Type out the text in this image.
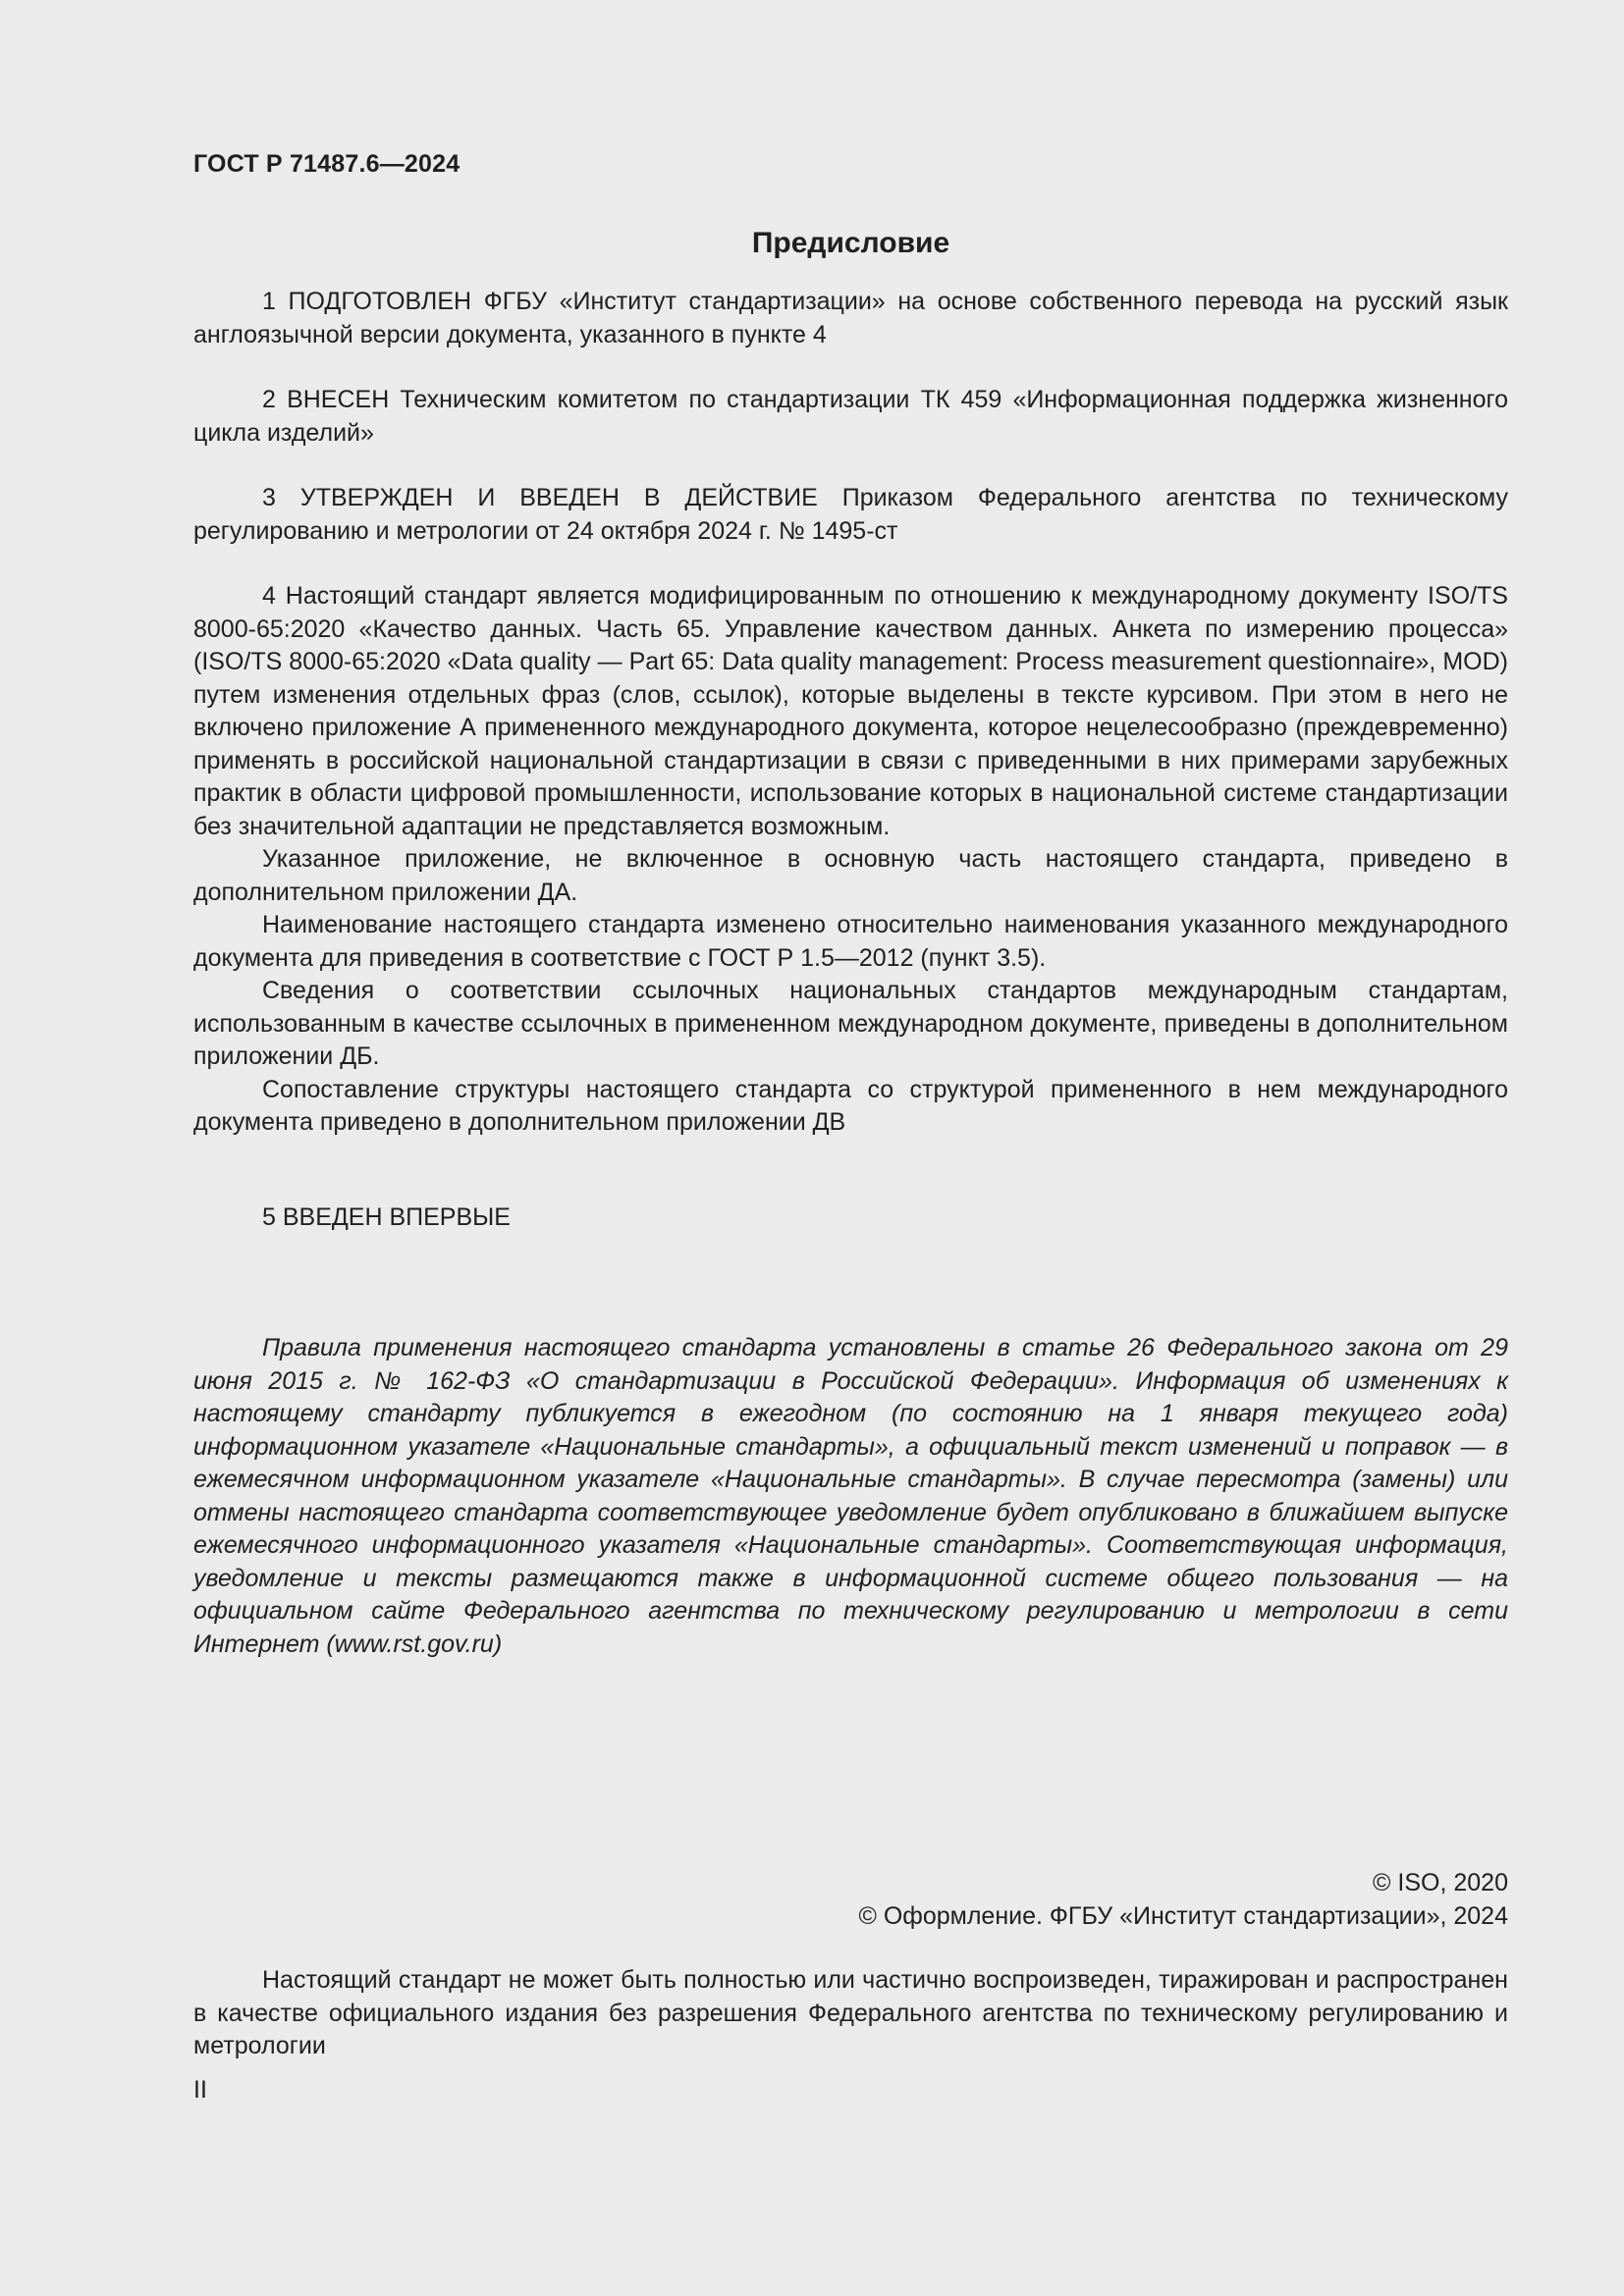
ГОСТ Р 71487.6—2024
Предисловие

1 ПОДГОТОВЛЕН ФГБУ «Институт стандартизации» на основе собственного перевода на русский язык англоязычной версии документа, указанного в пункте 4

2 ВНЕСЕН Техническим комитетом по стандартизации ТК 459 «Информационная поддержка жизненного цикла изделий»

3 УТВЕРЖДЕН И ВВЕДЕН В ДЕЙСТВИЕ Приказом Федерального агентства по техническому регулированию и метрологии от 24 октября 2024 г. № 1495-ст

4 Настоящий стандарт является модифицированным по отношению к международному документу ISO/TS 8000-65:2020 «Качество данных. Часть 65. Управление качеством данных. Анкета по измерению процесса» (ISO/TS 8000-65:2020 «Data quality — Part 65: Data quality management: Process measurement questionnaire», MOD) путем изменения отдельных фраз (слов, ссылок), которые выделены в тексте курсивом. При этом в него не включено приложение А примененного международного документа, которое нецелесообразно (преждевременно) применять в российской национальной стандартизации в связи с приведенными в них примерами зарубежных практик в области цифровой промышленности, использование которых в национальной системе стандартизации без значительной адаптации не представляется возможным.

Указанное приложение, не включенное в основную часть настоящего стандарта, приведено в дополнительном приложении ДА.

Наименование настоящего стандарта изменено относительно наименования указанного международного документа для приведения в соответствие с ГОСТ Р 1.5—2012 (пункт 3.5).

Сведения о соответствии ссылочных национальных стандартов международным стандартам, использованным в качестве ссылочных в примененном международном документе, приведены в дополнительном приложении ДБ.

Сопоставление структуры настоящего стандарта со структурой примененного в нем международного документа приведено в дополнительном приложении ДВ

5 ВВЕДЕН ВПЕРВЫЕ

Правила применения настоящего стандарта установлены в статье 26 Федерального закона от 29 июня 2015 г. № 162-ФЗ «О стандартизации в Российской Федерации». Информация об изменениях к настоящему стандарту публикуется в ежегодном (по состоянию на 1 января текущего года) информационном указателе «Национальные стандарты», а официальный текст изменений и поправок — в ежемесячном информационном указателе «Национальные стандарты». В случае пересмотра (замены) или отмены настоящего стандарта соответствующее уведомление будет опубликовано в ближайшем выпуске ежемесячного информационного указателя «Национальные стандарты». Соответствующая информация, уведомление и тексты размещаются также в информационной системе общего пользования — на официальном сайте Федерального агентства по техническому регулированию и метрологии в сети Интернет (www.rst.gov.ru)

© ISO, 2020
© Оформление. ФГБУ «Институт стандартизации», 2024

Настоящий стандарт не может быть полностью или частично воспроизведен, тиражирован и распространен в качестве официального издания без разрешения Федерального агентства по техническому регулированию и метрологии

II
